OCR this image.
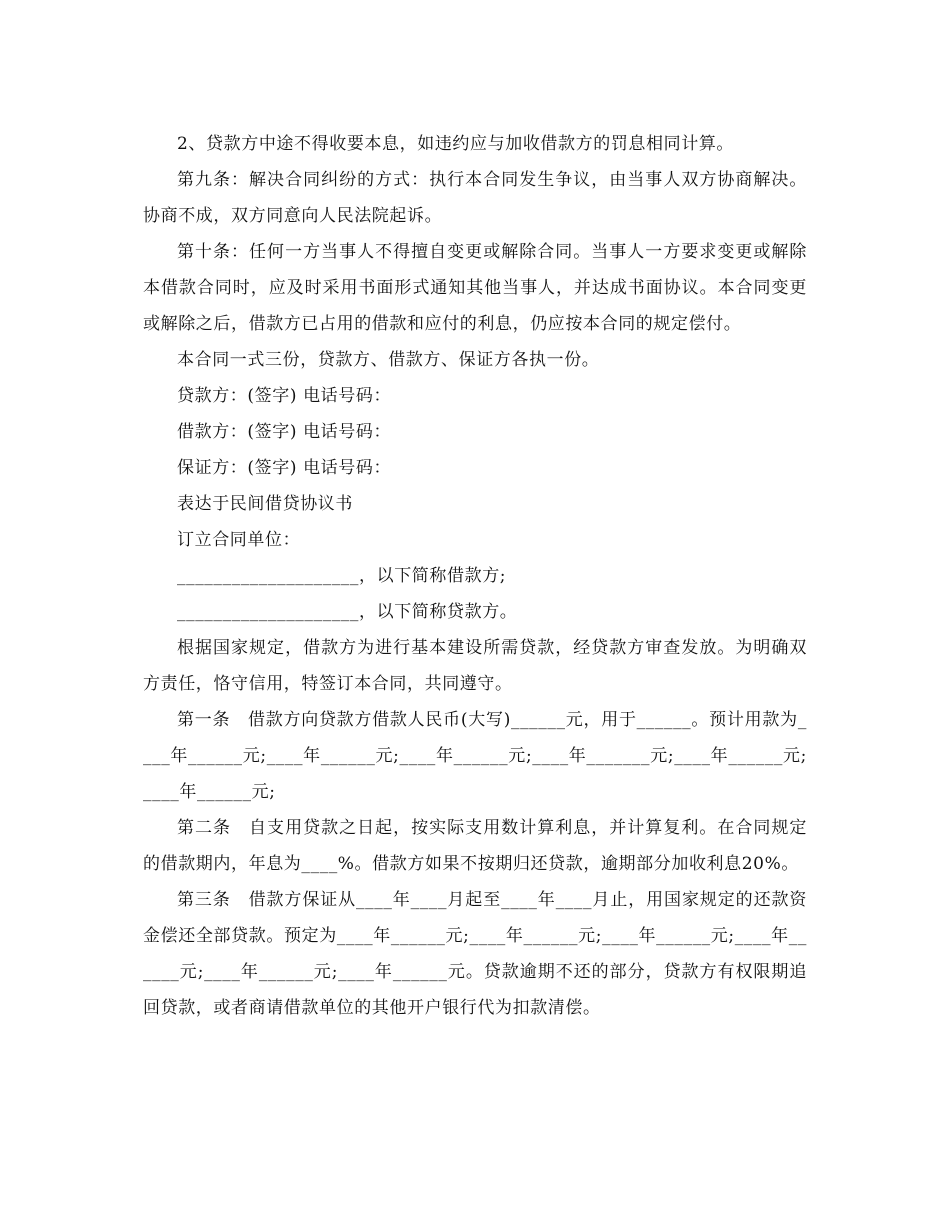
2、贷款方中途不得收要本息，如违约应与加收借款方的罚息相同计算。

第九条：解决合同纠纷的方式：执行本合同发生争议，由当事人双方协商解决。协商不成，双方同意向人民法院起诉。

第十条：任何一方当事人不得擅自变更或解除合同。当事人一方要求变更或解除本借款合同时，应及时采用书面形式通知其他当事人，并达成书面协议。本合同变更或解除之后，借款方已占用的借款和应付的利息，仍应按本合同的规定偿付。

本合同一式三份，贷款方、借款方、保证方各执一份。

贷款方：(签字) 电话号码：

借款方：(签字) 电话号码：

保证方：(签字) 电话号码：

表达于民间借贷协议书

订立合同单位：

____________________，以下简称借款方;

____________________，以下简称贷款方。

根据国家规定，借款方为进行基本建设所需贷款，经贷款方审查发放。为明确双方责任，恪守信用，特签订本合同，共同遵守。

第一条　借款方向贷款方借款人民币(大写)______元，用于______。预计用款为____年______元;____年______元;____年______元;____年_______元;____年______元;____年______元;

第二条　自支用贷款之日起，按实际支用数计算利息，并计算复利。在合同规定的借款期内，年息为____%。借款方如果不按期归还贷款，逾期部分加收利息20%。

第三条　借款方保证从____年____月起至____年____月止，用国家规定的还款资金偿还全部贷款。预定为____年______元;____年______元;____年______元;____年______元;____年______元;____年______元。贷款逾期不还的部分，贷款方有权限期追回贷款，或者商请借款单位的其他开户银行代为扣款清偿。
